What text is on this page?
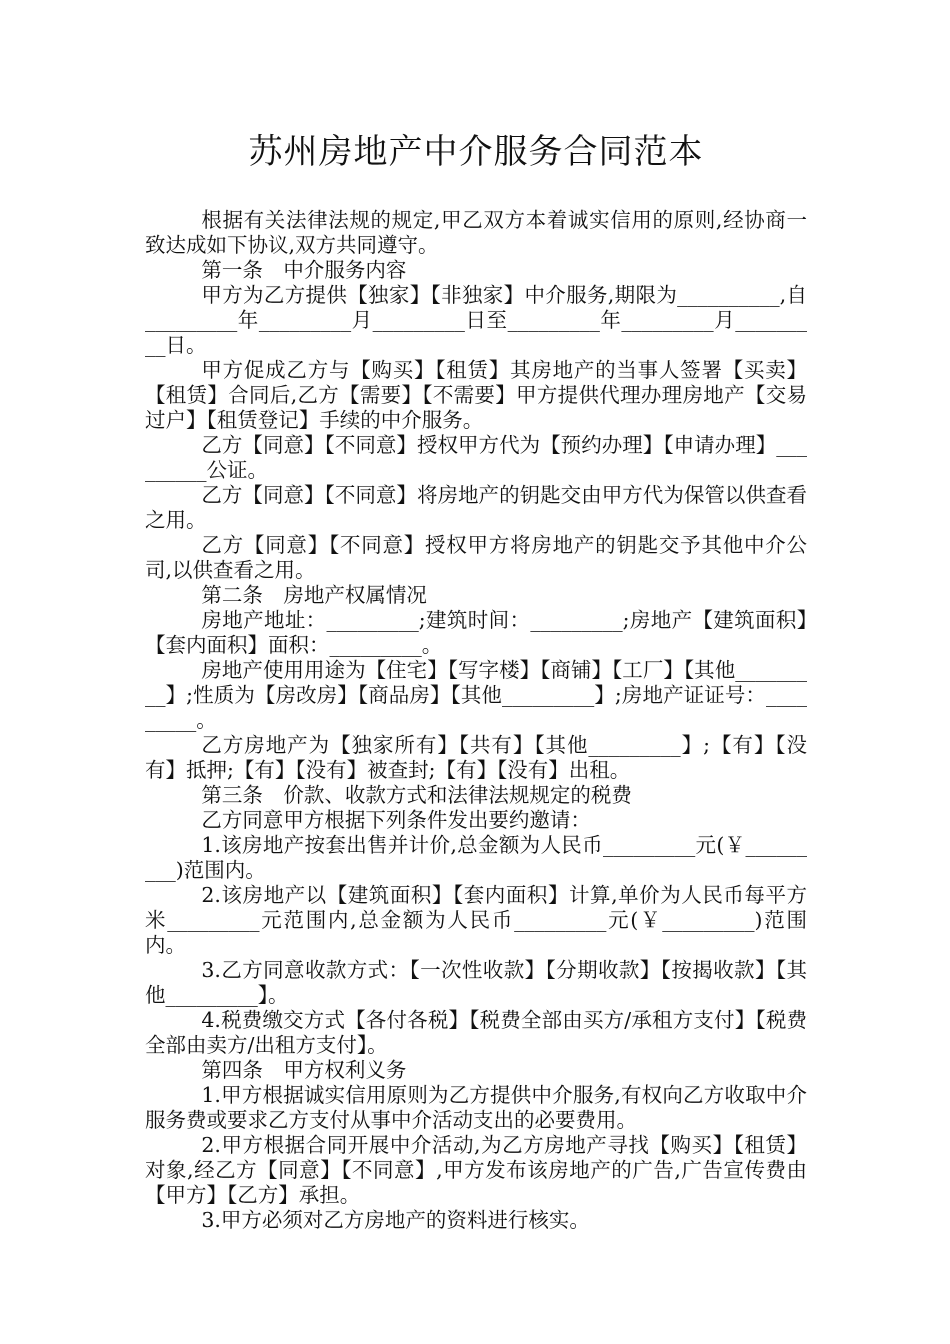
苏州房地产中介服务合同范本

根据有关法律法规的规定,甲乙双方本着诚实信用的原则,经协商一致达成如下协议,双方共同遵守。

第一条　中介服务内容

甲方为乙方提供【独家】【非独家】中介服务,期限为__________,自_________年_________月_________日至_________年_________月_________日。

甲方促成乙方与【购买】【租赁】其房地产的当事人签署【买卖】【租赁】合同后,乙方【需要】【不需要】甲方提供代理办理房地产【交易过户】【租赁登记】手续的中介服务。

乙方【同意】【不同意】授权甲方代为【预约办理】【申请办理】_________公证。

乙方【同意】【不同意】将房地产的钥匙交由甲方代为保管以供查看之用。

乙方【同意】【不同意】授权甲方将房地产的钥匙交予其他中介公司,以供查看之用。

第二条　房地产权属情况

房地产地址：_________;建筑时间：_________;房地产【建筑面积】【套内面积】面积：_________。

房地产使用用途为【住宅】【写字楼】【商铺】【工厂】【其他_________】;性质为【房改房】【商品房】【其他_________】;房地产证证号：_________。

乙方房地产为【独家所有】【共有】【其他_________】;【有】【没有】抵押;【有】【没有】被查封;【有】【没有】出租。

第三条　价款、收款方式和法律法规规定的税费

乙方同意甲方根据下列条件发出要约邀请：

1.该房地产按套出售并计价,总金额为人民币_________元(￥_________)范围内。

2.该房地产以【建筑面积】【套内面积】计算,单价为人民币每平方米_________元范围内,总金额为人民币_________元(￥_________)范围内。

3.乙方同意收款方式：【一次性收款】【分期收款】【按揭收款】【其他_________】。

4.税费缴交方式【各付各税】【税费全部由买方/承租方支付】【税费全部由卖方/出租方支付】。

第四条　甲方权利义务

1.甲方根据诚实信用原则为乙方提供中介服务,有权向乙方收取中介服务费或要求乙方支付从事中介活动支出的必要费用。

2.甲方根据合同开展中介活动,为乙方房地产寻找【购买】【租赁】对象,经乙方【同意】【不同意】,甲方发布该房地产的广告,广告宣传费由【甲方】【乙方】承担。

3.甲方必须对乙方房地产的资料进行核实。
